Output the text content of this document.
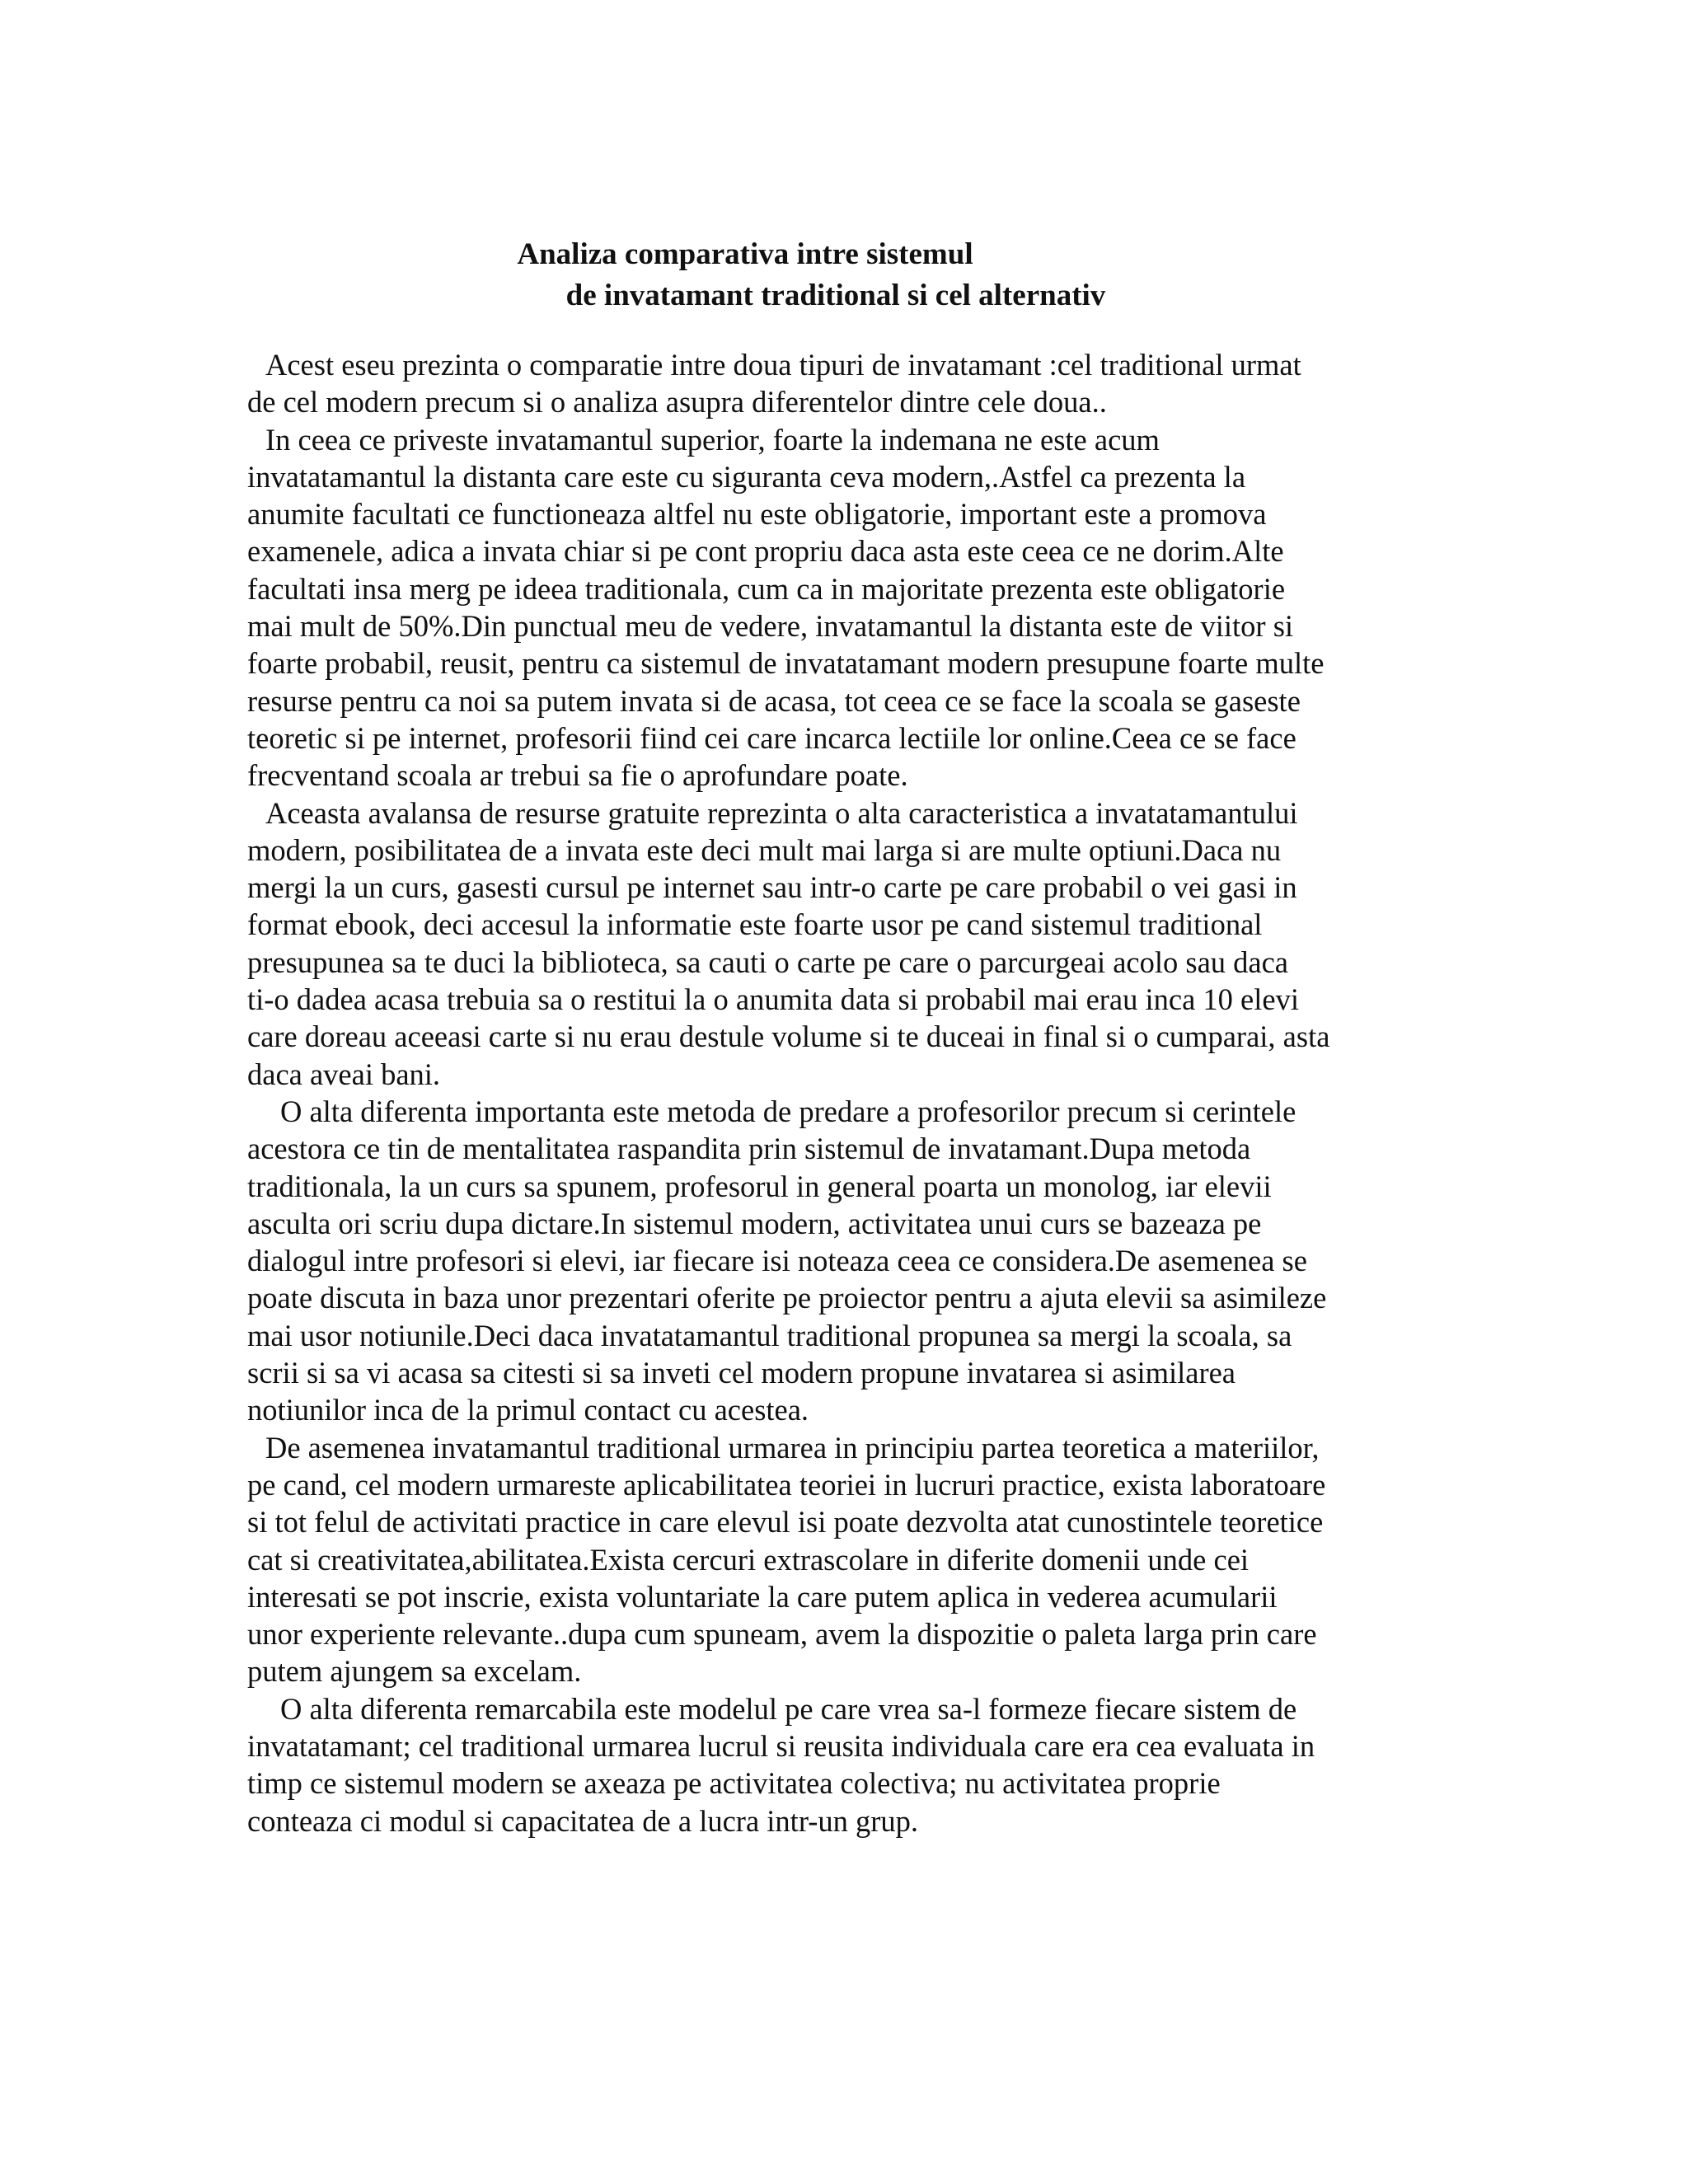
Analiza comparativa intre sistemul
de invatamant traditional si cel alternativ
Acest eseu prezinta o comparatie intre doua tipuri de invatamant :cel traditional urmat
de cel modern precum si o analiza asupra diferentelor dintre cele doua..
In ceea ce priveste invatamantul superior, foarte la indemana ne este acum
invatatamantul la distanta care este cu siguranta ceva modern,.Astfel ca prezenta la
anumite facultati ce functioneaza altfel nu este obligatorie, important este a promova
examenele, adica a invata chiar si pe cont propriu daca asta este ceea ce ne dorim.Alte
facultati insa merg pe ideea traditionala, cum ca in majoritate prezenta este obligatorie
mai mult de 50%.Din punctual meu de vedere, invatamantul la distanta este de viitor si
foarte probabil, reusit, pentru ca sistemul de invatatamant modern presupune foarte multe
resurse pentru ca noi sa putem invata si de acasa, tot ceea ce se face la scoala se gaseste
teoretic si pe internet, profesorii fiind cei care incarca lectiile lor online.Ceea ce se face
frecventand scoala ar trebui sa fie o aprofundare poate.
Aceasta avalansa de resurse gratuite reprezinta o alta caracteristica a invatatamantului
modern, posibilitatea de a invata este deci mult mai larga si are multe optiuni.Daca nu
mergi la un curs, gasesti cursul pe internet sau intr-o carte pe care probabil o vei gasi in
format ebook, deci accesul la informatie este foarte usor pe cand sistemul traditional
presupunea sa te duci la biblioteca, sa cauti o carte pe care o parcurgeai acolo sau daca
ti-o dadea acasa trebuia sa o restitui la o anumita data si probabil mai erau inca 10 elevi
care doreau aceeasi carte si nu erau destule volume si te duceai in final si o cumparai, asta
daca aveai bani.
O alta diferenta importanta este metoda de predare a profesorilor precum si cerintele
acestora ce tin de mentalitatea raspandita prin sistemul de invatamant.Dupa metoda
traditionala, la un curs sa spunem, profesorul in general poarta un monolog, iar elevii
asculta ori scriu dupa dictare.In sistemul modern, activitatea unui curs se bazeaza pe
dialogul intre profesori si elevi, iar fiecare isi noteaza ceea ce considera.De asemenea se
poate discuta in baza unor prezentari oferite pe proiector pentru a ajuta elevii sa asimileze
mai usor notiunile.Deci daca invatatamantul traditional propunea sa mergi la scoala, sa
scrii si sa vi acasa sa citesti si sa inveti cel modern propune invatarea si asimilarea
notiunilor inca de la primul contact cu acestea.
De asemenea invatamantul traditional urmarea in principiu partea teoretica a materiilor,
pe cand, cel modern urmareste aplicabilitatea teoriei in lucruri practice, exista laboratoare
si tot felul de activitati practice in care elevul isi poate dezvolta atat cunostintele teoretice
cat si creativitatea,abilitatea.Exista cercuri extrascolare in diferite domenii unde cei
interesati se pot inscrie, exista voluntariate la care putem aplica in vederea acumularii
unor experiente relevante..dupa cum spuneam, avem la dispozitie o paleta larga prin care
putem ajungem sa excelam.
O alta diferenta remarcabila este modelul pe care vrea sa-l formeze fiecare sistem de
invatatamant; cel traditional urmarea lucrul si reusita individuala care era cea evaluata in
timp ce sistemul modern se axeaza pe activitatea colectiva; nu activitatea proprie
conteaza ci modul si capacitatea de a lucra intr-un grup.
